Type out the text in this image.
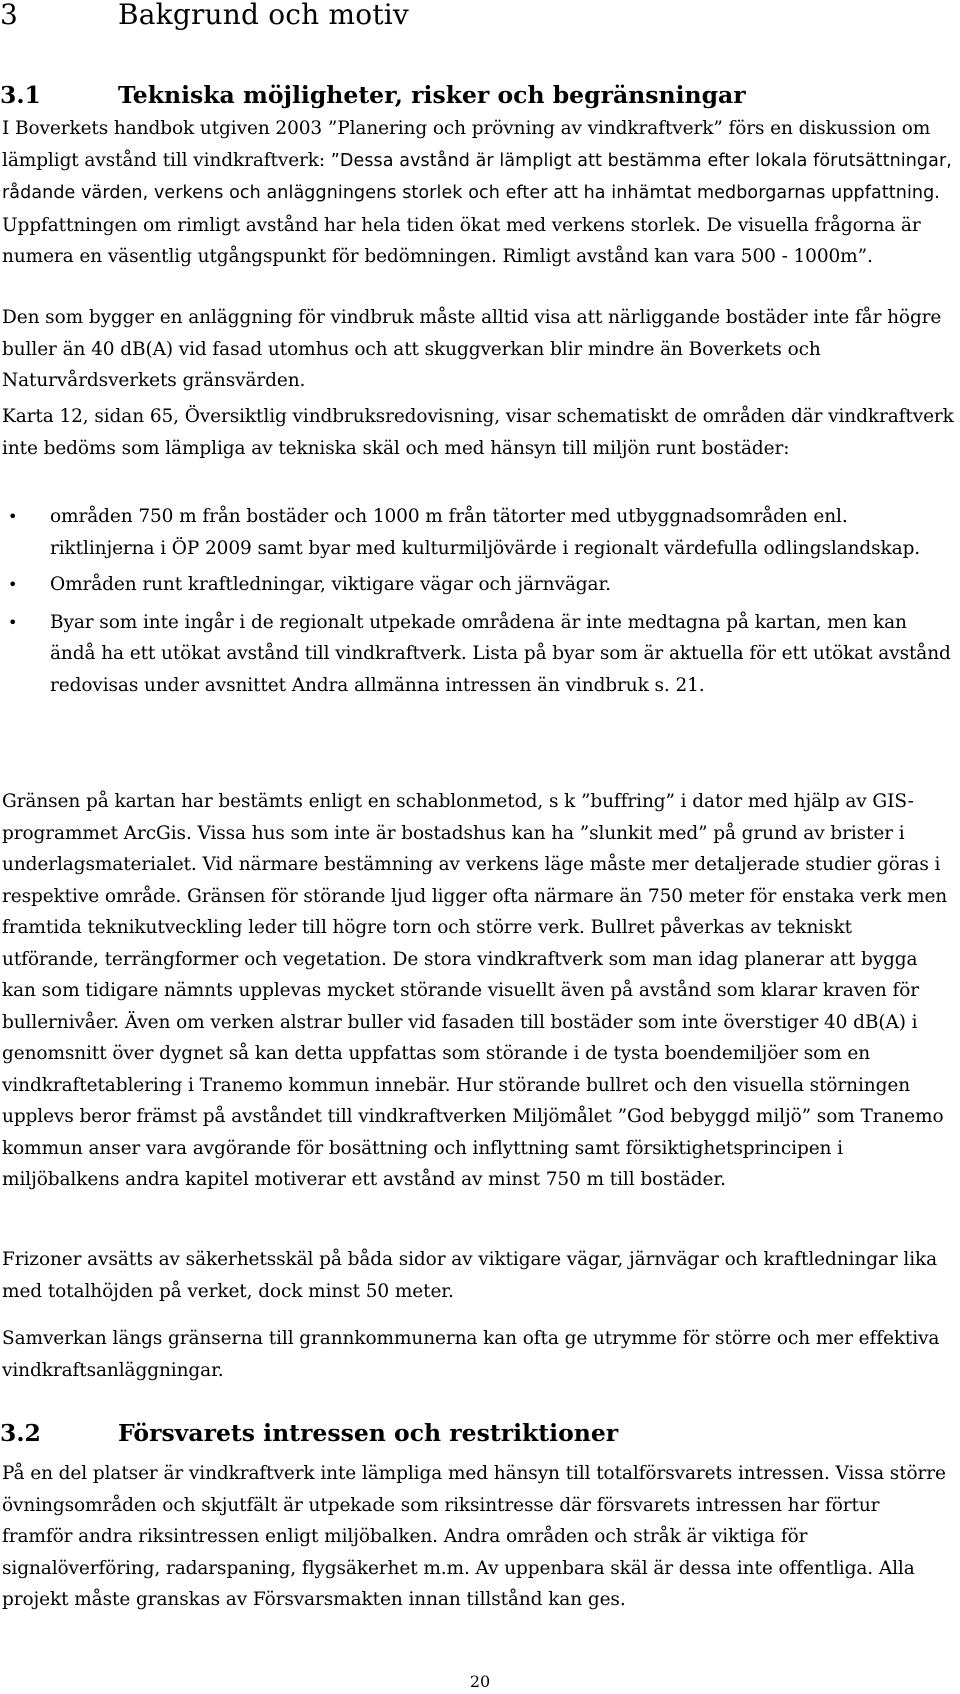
3	Bakgrund och motiv
3.1	Tekniska möjligheter, risker och begränsningar

I Boverkets handbok utgiven 2003 ”Planering och prövning av vindkraftverk” förs en diskussion om lämpligt avstånd till vindkraftverk: ”Dessa avstånd är lämpligt att bestämma efter lokala förutsättningar, rådande värden, verkens och anläggningens storlek och efter att ha inhämtat medborgarnas uppfattning. Uppfattningen om rimligt avstånd har hela tiden ökat med verkens storlek. De visuella frågorna är numera en väsentlig utgångspunkt för bedömningen. Rimligt avstånd kan vara 500 - 1000m”.

Den som bygger en anläggning för vindbruk måste alltid visa att närliggande bostäder inte får högre buller än 40 dB(A) vid fasad utomhus och att skuggverkan blir mindre än Boverkets och Naturvårdsverkets gränsvärden.

Karta 12, sidan 65, Översiktlig vindbruksredovisning, visar schematiskt de områden där vindkraftverk inte bedöms som lämpliga av tekniska skäl och med hänsyn till miljön runt bostäder:

• områden 750 m från bostäder och 1000 m från tätorter med utbyggnadsområden enl. riktlinjerna i ÖP 2009 samt byar med kulturmiljövärde i regionalt värdefulla odlingslandskap.
• Områden runt kraftledningar, viktigare vägar och järnvägar.
• Byar som inte ingår i de regionalt utpekade områdena är inte medtagna på kartan, men kan ändå ha ett utökat avstånd till vindkraftverk. Lista på byar som är aktuella för ett utökat avstånd redovisas under avsnittet Andra allmänna intressen än vindbruk s. 21.

Gränsen på kartan har bestämts enligt en schablonmetod, s k ”buffring” i dator med hjälp av GIS-programmet ArcGis. Vissa hus som inte är bostadshus kan ha ”slunkit med” på grund av brister i underlagsmaterialet. Vid närmare bestämning av verkens läge måste mer detaljerade studier göras i respektive område. Gränsen för störande ljud ligger ofta närmare än 750 meter för enstaka verk men framtida teknikutveckling leder till högre torn och större verk. Bullret påverkas av tekniskt utförande, terrängformer och vegetation. De stora vindkraftverk som man idag planerar att bygga kan som tidigare nämnts upplevas mycket störande visuellt även på avstånd som klarar kraven för bullernivåer. Även om verken alstrar buller vid fasaden till bostäder som inte överstiger 40 dB(A) i genomsnitt över dygnet så kan detta uppfattas som störande i de tysta boendemiljöer som en vindkraftetablering i Tranemo kommun innebär. Hur störande bullret och den visuella störningen upplevs beror främst på avståndet till vindkraftverken Miljömålet ”God bebyggd miljö” som Tranemo kommun anser vara avgörande för bosättning och inflyttning samt försiktighetsprincipen i miljöbalkens andra kapitel motiverar ett avstånd av minst 750 m till bostäder.

Frizoner avsätts av säkerhetsskäl på båda sidor av viktigare vägar, järnvägar och kraftledningar lika med totalhöjden på verket, dock minst 50 meter.

Samverkan längs gränserna till grannkommunerna kan ofta ge utrymme för större och mer effektiva vindkraftsanläggningar.

3.2	Försvarets intressen och restriktioner

På en del platser är vindkraftverk inte lämpliga med hänsyn till totalförsvarets intressen. Vissa större övningsområden och skjutfält är utpekade som riksintresse där försvarets intressen har förtur framför andra riksintressen enligt miljöbalken. Andra områden och stråk är viktiga för signalöverföring, radarspaning, flygsäkerhet m.m. Av uppenbara skäl är dessa inte offentliga. Alla projekt måste granskas av Försvarsmakten innan tillstånd kan ges.

20
